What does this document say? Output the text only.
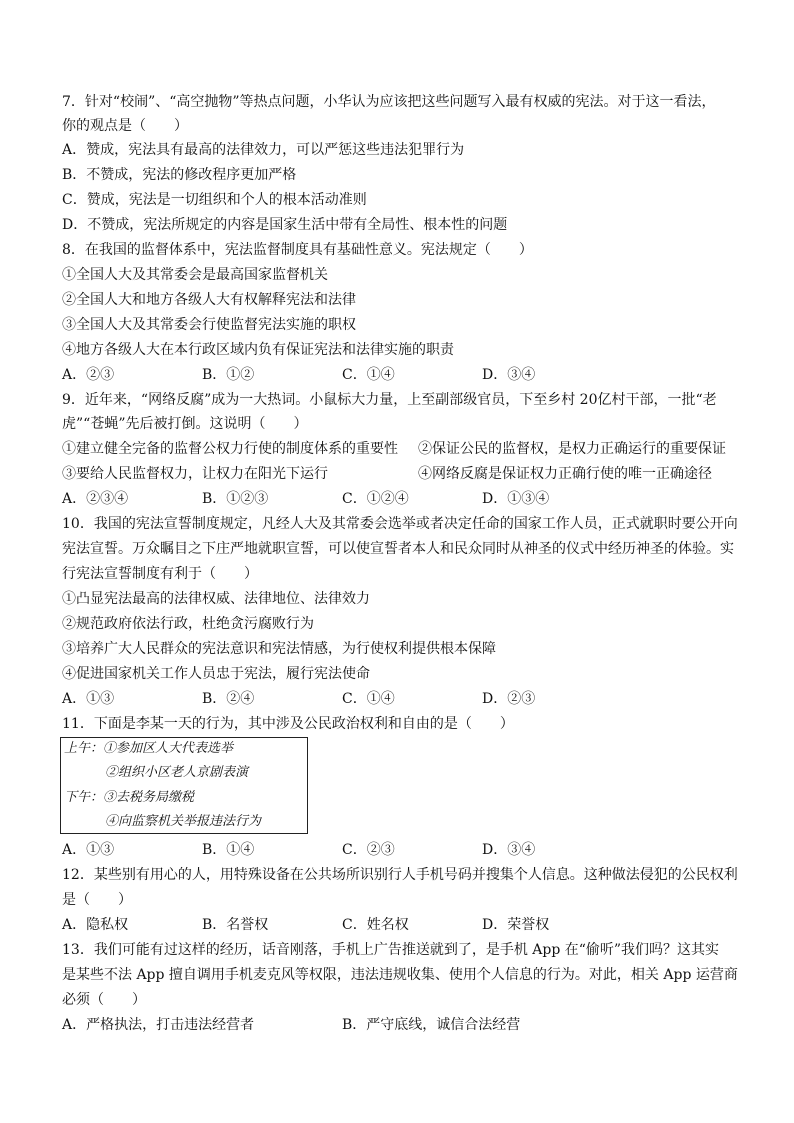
7．针对“校闹”、“高空抛物”等热点问题，小华认为应该把这些问题写入最有权威的宪法。对于这一看法，
你的观点是（　　）
A．赞成，宪法具有最高的法律效力，可以严惩这些违法犯罪行为
B．不赞成，宪法的修改程序更加严格
C．赞成，宪法是一切组织和个人的根本活动准则
D．不赞成，宪法所规定的内容是国家生活中带有全局性、根本性的问题
8．在我国的监督体系中，宪法监督制度具有基础性意义。宪法规定（　　）
①全国人大及其常委会是最高国家监督机关
②全国人大和地方各级人大有权解释宪法和法律
③全国人大及其常委会行使监督宪法实施的职权
④地方各级人大在本行政区域内负有保证宪法和法律实施的职责
A．②③	B．①②	C．①④	D．③④
9．近年来，“网络反腐”成为一大热词。小鼠标大力量，上至副部级官员，下至乡村 20亿村干部，一批“老
虎”“苍蝇”先后被打倒。这说明（　　）
①建立健全完备的监督公权力行使的制度体系的重要性 ②保证公民的监督权，是权力正确运行的重要保证
③要给人民监督权力，让权力在阳光下运行	④网络反腐是保证权力正确行使的唯一正确途径
A．②③④	B．①②③	C．①②④	D．①③④
10．我国的宪法宣誓制度规定，凡经人大及其常委会选举或者决定任命的国家工作人员，正式就职时要公开向
宪法宣誓。万众瞩目之下庄严地就职宣誓，可以使宣誓者本人和民众同时从神圣的仪式中经历神圣的体验。实
行宪法宣誓制度有利于（　　）
①凸显宪法最高的法律权威、法律地位、法律效力
②规范政府依法行政，杜绝贪污腐败行为
③培养广大人民群众的宪法意识和宪法情感，为行使权利提供根本保障
④促进国家机关工作人员忠于宪法，履行宪法使命
A．①③	B．②④	C．①④	D．②③
11．下面是李某一天的行为，其中涉及公民政治权利和自由的是（　　）
上午：①参加区人大代表选举
②组织小区老人京剧表演
下午：③去税务局缴税
④向监察机关举报违法行为
A．①③	B．①④	C．②③	D．③④
12．某些别有用心的人，用特殊设备在公共场所识别行人手机号码并搜集个人信息。这种做法侵犯的公民权利
是（　　）
A．隐私权	B．名誉权	C．姓名权	D．荣誉权
13．我们可能有过这样的经历，话音刚落，手机上广告推送就到了，是手机 App 在“偷听”我们吗？这其实
是某些不法 App 擅自调用手机麦克风等权限，违法违规收集、使用个人信息的行为。对此，相关 App 运营商
必须（　　）
A．严格执法，打击违法经营者	B．严守底线，诚信合法经营
